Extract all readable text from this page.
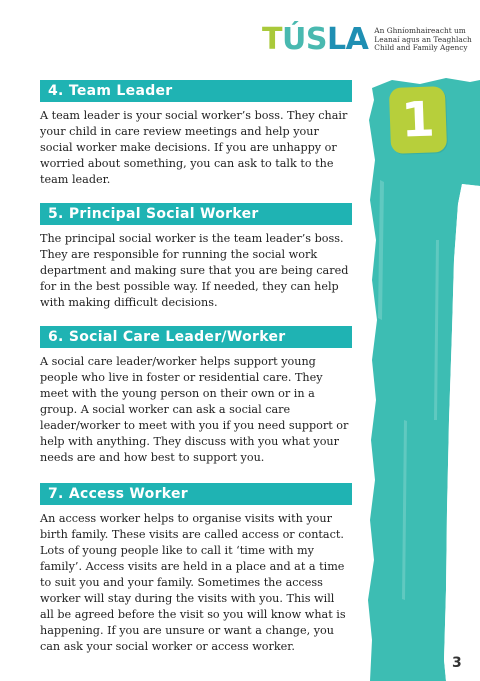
T Ú S L A An Ghníomhaireacht um
Leanaí agus an Teaghlach
Child and Family Agency
1
4. Team Leader

A team leader is your social worker’s boss. They chair your child in care review meetings and help your social worker make decisions. If you are unhappy or worried about something, you can ask to talk to the team leader.

5. Principal Social Worker

The principal social worker is the team leader’s boss. They are responsible for running the social work department and making sure that you are being cared for in the best possible way. If needed, they can help with making difficult decisions.

6. Social Care Leader/Worker

A social care leader/worker helps support young people who live in foster or residential care. They meet with the young person on their own or in a group. A social worker can ask a social care leader/worker to meet with you if you need support or help with anything. They discuss with you what your needs are and how best to support you.

7. Access Worker

An access worker helps to organise visits with your birth family. These visits are called access or contact. Lots of young people like to call it ‘time with my family’. Access visits are held in a place and at a time to suit you and your family. Sometimes the access worker will stay during the visits with you. This will all be agreed before the visit so you will know what is happening. If you are unsure or want a change, you can ask your social worker or access worker.

3
